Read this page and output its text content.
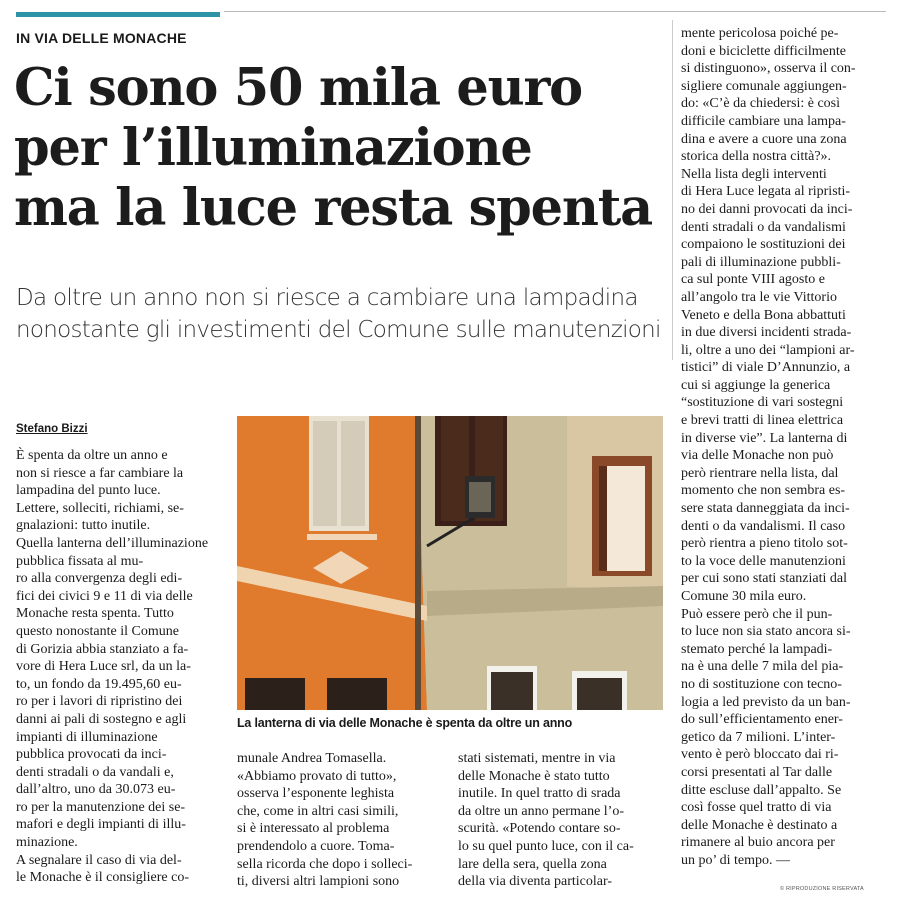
IN VIA DELLE MONACHE
Ci sono 50 mila euro
per l’illuminazione
ma la luce resta spenta

Da oltre un anno non si riesce a cambiare una lampadina
nonostante gli investimenti del Comune sulle manutenzioni

Stefano Bizzi

È spenta da oltre un anno e
non si riesce a far cambiare la
lampadina del punto luce.
Lettere, solleciti, richiami, se-
gnalazioni: tutto inutile.
Quella lanterna dell’illuminazione
pubblica fissata al mu-
ro alla convergenza degli edi-
fici dei civici 9 e 11 di via delle
Monache resta spenta. Tutto
questo nonostante il Comune
di Gorizia abbia stanziato a fa-
vore di Hera Luce srl, da un la-
to, un fondo da 19.495,60 eu-
ro per i lavori di ripristino dei
danni ai pali di sostegno e agli
impianti di illuminazione
pubblica provocati da inci-
denti stradali o da vandali e,
dall’altro, uno da 30.073 eu-
ro per la manutenzione dei se-
mafori e degli impianti di illu-
minazione.
A segnalare il caso di via del-
le Monache è il consigliere co-

munale Andrea Tomasella.
«Abbiamo provato di tutto»,
osserva l’esponente leghista
che, come in altri casi simili,
si è interessato al problema
prendendolo a cuore. Toma-
sella ricorda che dopo i solleci-
ti, diversi altri lampioni sono

stati sistemati, mentre in via
delle Monache è stato tutto
inutile. In quel tratto di srada
da oltre un anno permane l’o-
scurità. «Potendo contare so-
lo su quel punto luce, con il ca-
lare della sera, quella zona
della via diventa particolar-

mente pericolosa poiché pe-
doni e biciclette difficilmente
si distinguono», osserva il con-
sigliere comunale aggiungen-
do: «C’è da chiedersi: è così
difficile cambiare una lampa-
dina e avere a cuore una zona
storica della nostra città?».
Nella lista degli interventi
di Hera Luce legata al ripristi-
no dei danni provocati da inci-
denti stradali o da vandalismi
compaiono le sostituzioni dei
pali di illuminazione pubbli-
ca sul ponte VIII agosto e
all’angolo tra le vie Vittorio
Veneto e della Bona abbattuti
in due diversi incidenti strada-
li, oltre a uno dei “lampioni ar-
tistici” di viale D’Annunzio, a
cui si aggiunge la generica
“sostituzione di vari sostegni
e brevi tratti di linea elettrica
in diverse vie”. La lanterna di
via delle Monache non può
però rientrare nella lista, dal
momento che non sembra es-
sere stata danneggiata da inci-
denti o da vandalismi. Il caso
però rientra a pieno titolo sot-
to la voce delle manutenzioni
per cui sono stati stanziati dal
Comune 30 mila euro.
Può essere però che il pun-
to luce non sia stato ancora si-
stemato perché la lampadi-
na è una delle 7 mila del pia-
no di sostituzione con tecno-
logia a led previsto da un ban-
do sull’efficientamento ener-
getico da 7 milioni. L’inter-
vento è però bloccato dai ri-
corsi presentati al Tar dalle
ditte escluse dall’appalto. Se
così fosse quel tratto di via
delle Monache è destinato a
rimanere al buio ancora per
un po’ di tempo. —

La lanterna di via delle Monache è spenta da oltre un anno
© RIPRODUZIONE RISERVATA
